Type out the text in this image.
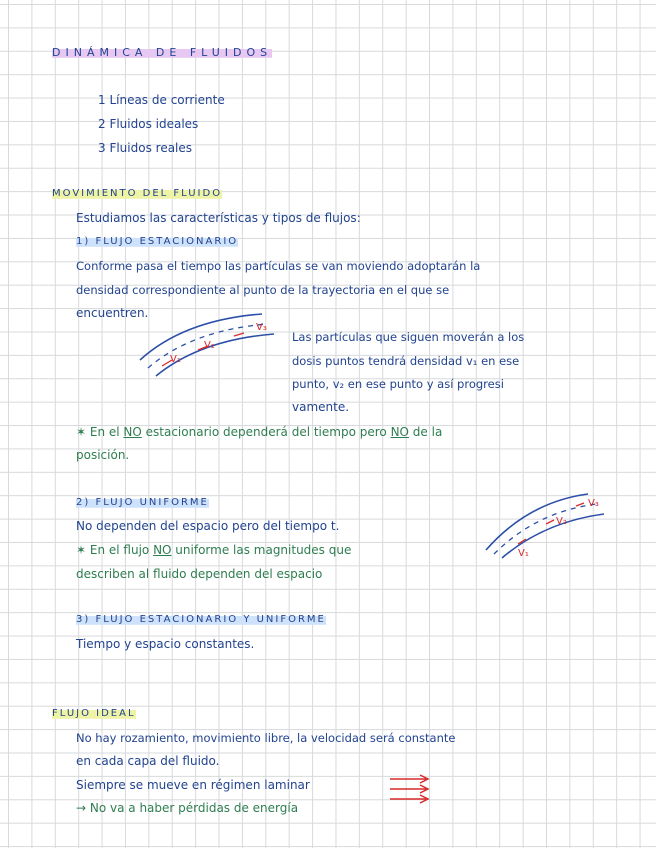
DINÁMICA DE FLUIDOS
1 Líneas de corriente
2 Fluidos ideales
3 Fluidos reales
MOVIMIENTO DEL FLUIDO
Estudiamos las características y tipos de flujos:
1) FLUJO ESTACIONARIO
Conforme pasa el tiempo las partículas se van moviendo adoptarán la
densidad correspondiente al punto de la trayectoria en el que se
encuentren.
V₃
V₂
V₁
Las partículas que siguen moverán a los
dosis puntos tendrá densidad v₁ en ese
punto, v₂ en ese punto y así progresi
vamente.
✶ En el NO estacionario dependerá del tiempo pero NO de la
posición.
2) FLUJO UNIFORME
No dependen del espacio pero del tiempo t.
✶ En el flujo NO uniforme las magnitudes que
describen al fluido dependen del espacio
V₃
V₂
V₁
3) FLUJO ESTACIONARIO Y UNIFORME
Tiempo y espacio constantes.
FLUJO IDEAL
No hay rozamiento, movimiento libre, la velocidad será constante
en cada capa del fluido.
Siempre se mueve en régimen laminar
→ No va a haber pérdidas de energía
